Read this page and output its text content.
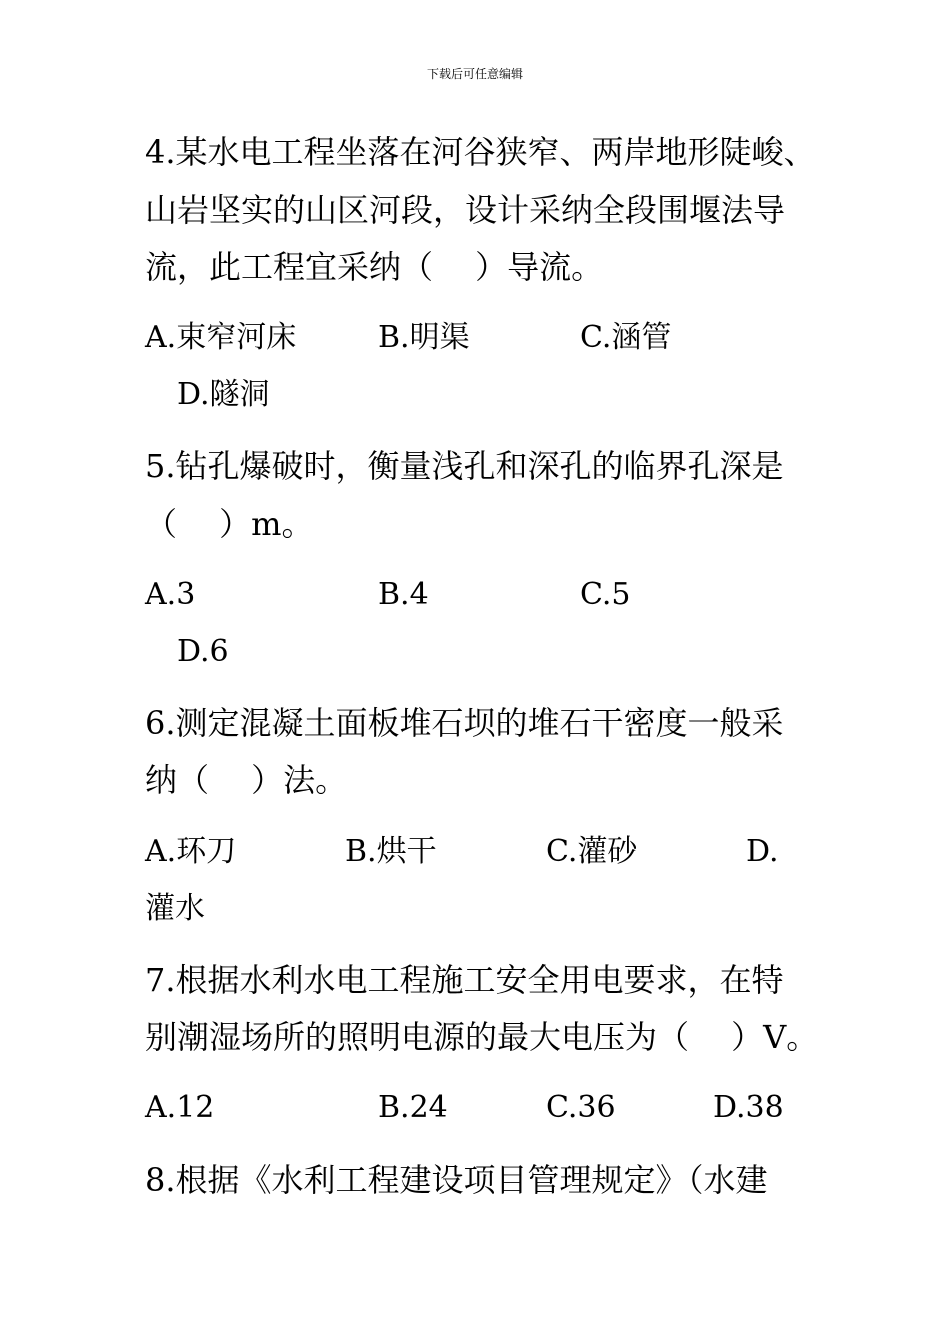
下载后可任意编辑
4.某水电工程坐落在河谷狭窄、两岸地形陡峻、
山岩坚实的山区河段，设计采纳全段围堰法导
流，此工程宜采纳（　 ）导流。
A.束窄河床	B.明渠	C.涵管
D.隧洞
5.钻孔爆破时，衡量浅孔和深孔的临界孔深是
（　 ）m。
A.3	B.4	C.5
D.6
6.测定混凝土面板堆石坝的堆石干密度一般采
纳（　 ）法。
A.环刀	B.烘干	C.灌砂	D.
灌水
7.根据水利水电工程施工安全用电要求，在特
别潮湿场所的照明电源的最大电压为（　 ）V。
A.12	B.24	C.36	D.38
8.根据《水利工程建设项目管理规定》（水建
